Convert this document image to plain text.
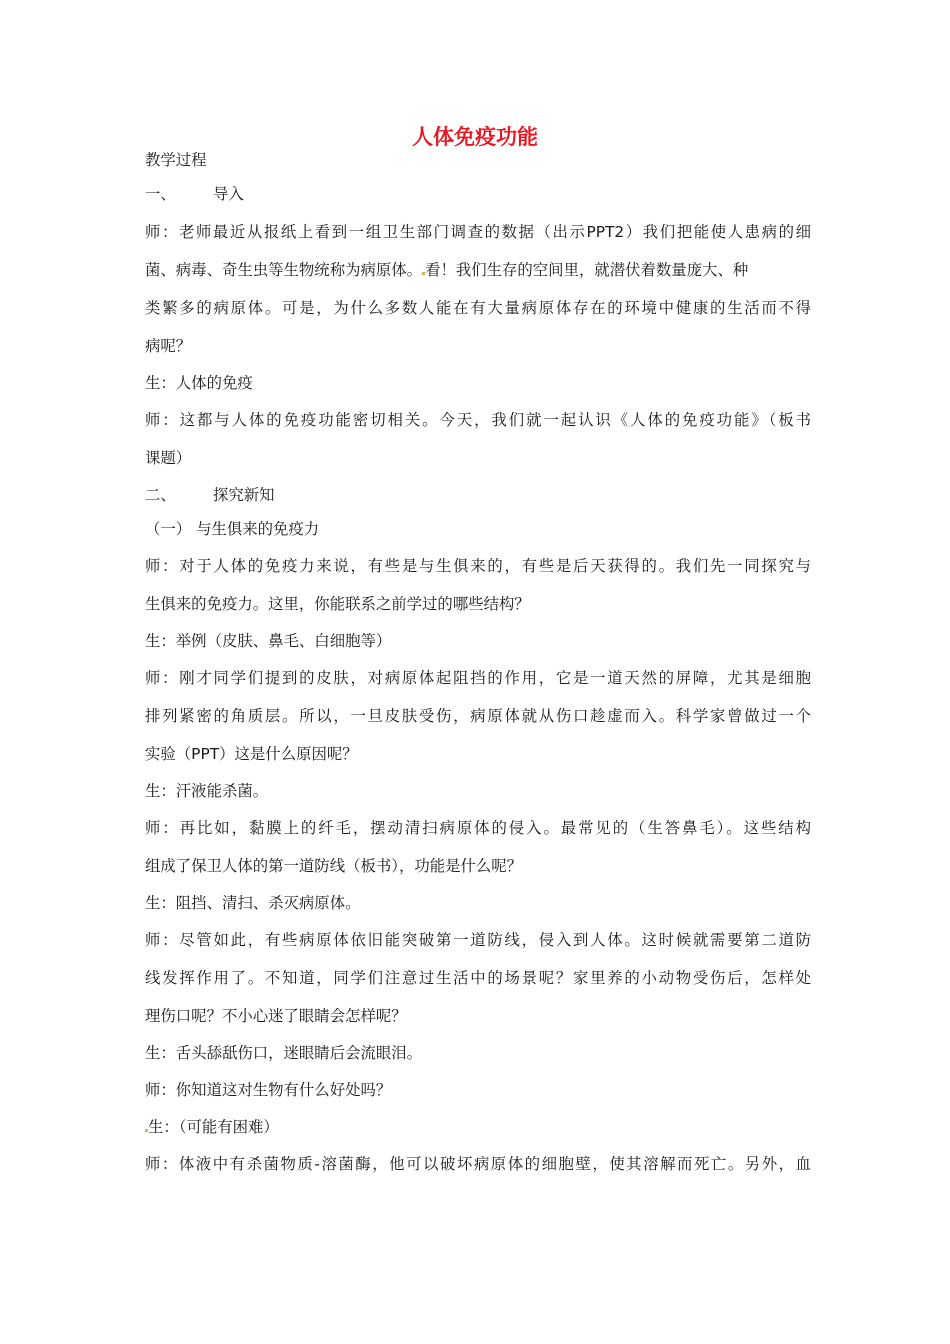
人体免疫功能
教学过程
一、 导入
师：老师最近从报纸上看到一组卫生部门调查的数据（出示PPT2）我们把能使人患病的细
菌、病毒、奇生虫等生物统称为病原体。 看！我们生存的空间里，就潜伏着数量庞大、种
类繁多的病原体。可是，为什么多数人能在有大量病原体存在的环境中健康的生活而不得
病呢？
生：人体的免疫
师：这都与人体的免疫功能密切相关。今天，我们就一起认识《人体的免疫功能》（板书
课题）
二、 探究新知
（一） 与生俱来的免疫力
师：对于人体的免疫力来说，有些是与生俱来的，有些是后天获得的。我们先一同探究与
生俱来的免疫力。这里，你能联系之前学过的哪些结构？
生：举例（皮肤、鼻毛、白细胞等）
师：刚才同学们提到的皮肤，对病原体起阻挡的作用，它是一道天然的屏障，尤其是细胞
排列紧密的角质层。所以，一旦皮肤受伤，病原体就从伤口趁虚而入。科学家曾做过一个
实验（PPT）这是什么原因呢？
生：汗液能杀菌。
师：再比如，黏膜上的纤毛，摆动清扫病原体的侵入。最常见的（生答鼻毛）。这些结构
组成了保卫人体的第一道防线（板书），功能是什么呢？
生：阻挡、清扫、杀灭病原体。
师：尽管如此，有些病原体依旧能突破第一道防线，侵入到人体。这时候就需要第二道防
线发挥作用了。不知道，同学们注意过生活中的场景呢？家里养的小动物受伤后，怎样处
理伤口呢？不小心迷了眼睛会怎样呢？
生：舌头舔舐伤口，迷眼睛后会流眼泪。
师：你知道这对生物有什么好处吗？
生：（可能有困难）
师：体液中有杀菌物质-溶菌酶，他可以破坏病原体的细胞壁，使其溶解而死亡。另外，血
